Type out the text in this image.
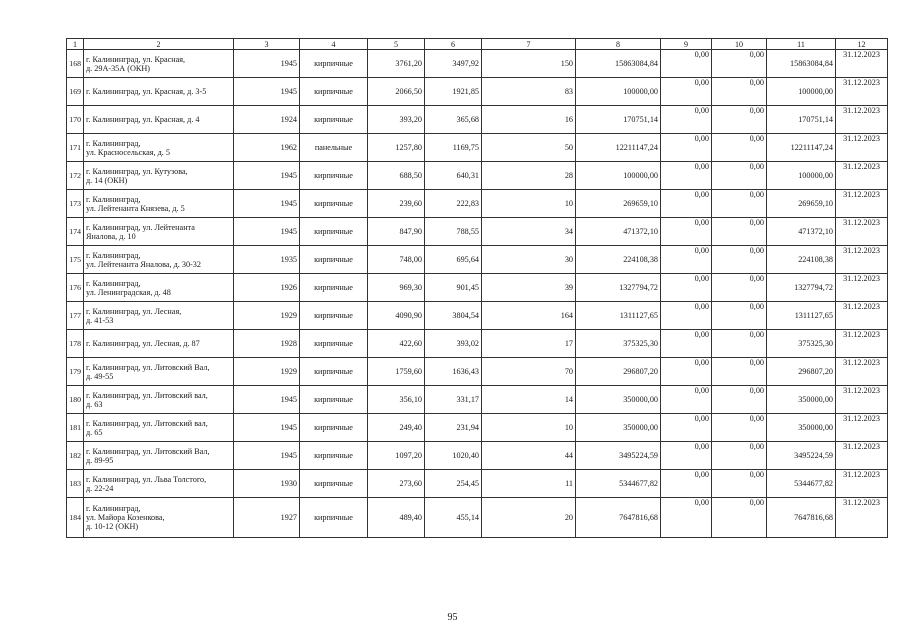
1	2	3	4	5	6	7	8	9	10	11	12
168	г. Калининград, ул. Красная,
д. 29А-35А (ОКН)	1945	кирпичные	3761,20	3497,92	150	15863084,84	0,00	0,00	15863084,84	31.12.2023
169	г. Калининград, ул. Красная, д. 3-5	1945	кирпичные	2066,50	1921,85	83	100000,00	0,00	0,00	100000,00	31.12.2023
170	г. Калининград, ул. Красная, д. 4	1924	кирпичные	393,20	365,68	16	170751,14	0,00	0,00	170751,14	31.12.2023
171	г. Калининград,
ул. Красносельская, д. 5	1962	панельные	1257,80	1169,75	50	12211147,24	0,00	0,00	12211147,24	31.12.2023
172	г. Калининград, ул. Кутузова,
д. 14 (ОКН)	1945	кирпичные	688,50	640,31	28	100000,00	0,00	0,00	100000,00	31.12.2023
173	г. Калининград,
ул. Лейтенанта Князева, д. 5	1945	кирпичные	239,60	222,83	10	269659,10	0,00	0,00	269659,10	31.12.2023
174	г. Калининград, ул. Лейтенанта
Яналова, д. 10	1945	кирпичные	847,90	788,55	34	471372,10	0,00	0,00	471372,10	31.12.2023
175	г. Калининград,
ул. Лейтенанта Яналова, д. 30-32	1935	кирпичные	748,00	695,64	30	224108,38	0,00	0,00	224108,38	31.12.2023
176	г. Калининград,
ул. Ленинградская, д. 48	1926	кирпичные	969,30	901,45	39	1327794,72	0,00	0,00	1327794,72	31.12.2023
177	г. Калининград, ул. Лесная,
д. 41-53	1929	кирпичные	4090,90	3804,54	164	1311127,65	0,00	0,00	1311127,65	31.12.2023
178	г. Калининград, ул. Лесная, д. 87	1928	кирпичные	422,60	393,02	17	375325,30	0,00	0,00	375325,30	31.12.2023
179	г. Калининград, ул. Литовский Вал,
д. 49-55	1929	кирпичные	1759,60	1636,43	70	296807,20	0,00	0,00	296807,20	31.12.2023
180	г. Калининград, ул. Литовский вал,
д. 63	1945	кирпичные	356,10	331,17	14	350000,00	0,00	0,00	350000,00	31.12.2023
181	г. Калининград, ул. Литовский вал,
д. 65	1945	кирпичные	249,40	231,94	10	350000,00	0,00	0,00	350000,00	31.12.2023
182	г. Калининград, ул. Литовский Вал,
д. 89-95	1945	кирпичные	1097,20	1020,40	44	3495224,59	0,00	0,00	3495224,59	31.12.2023
183	г. Калининград, ул. Льва Толстого,
д. 22-24	1930	кирпичные	273,60	254,45	11	5344677,82	0,00	0,00	5344677,82	31.12.2023
184	г. Калининград,
ул. Майора Козенкова,
д. 10-12 (ОКН)	1927	кирпичные	489,40	455,14	20	7647816,68	0,00	0,00	7647816,68	31.12.2023
95
